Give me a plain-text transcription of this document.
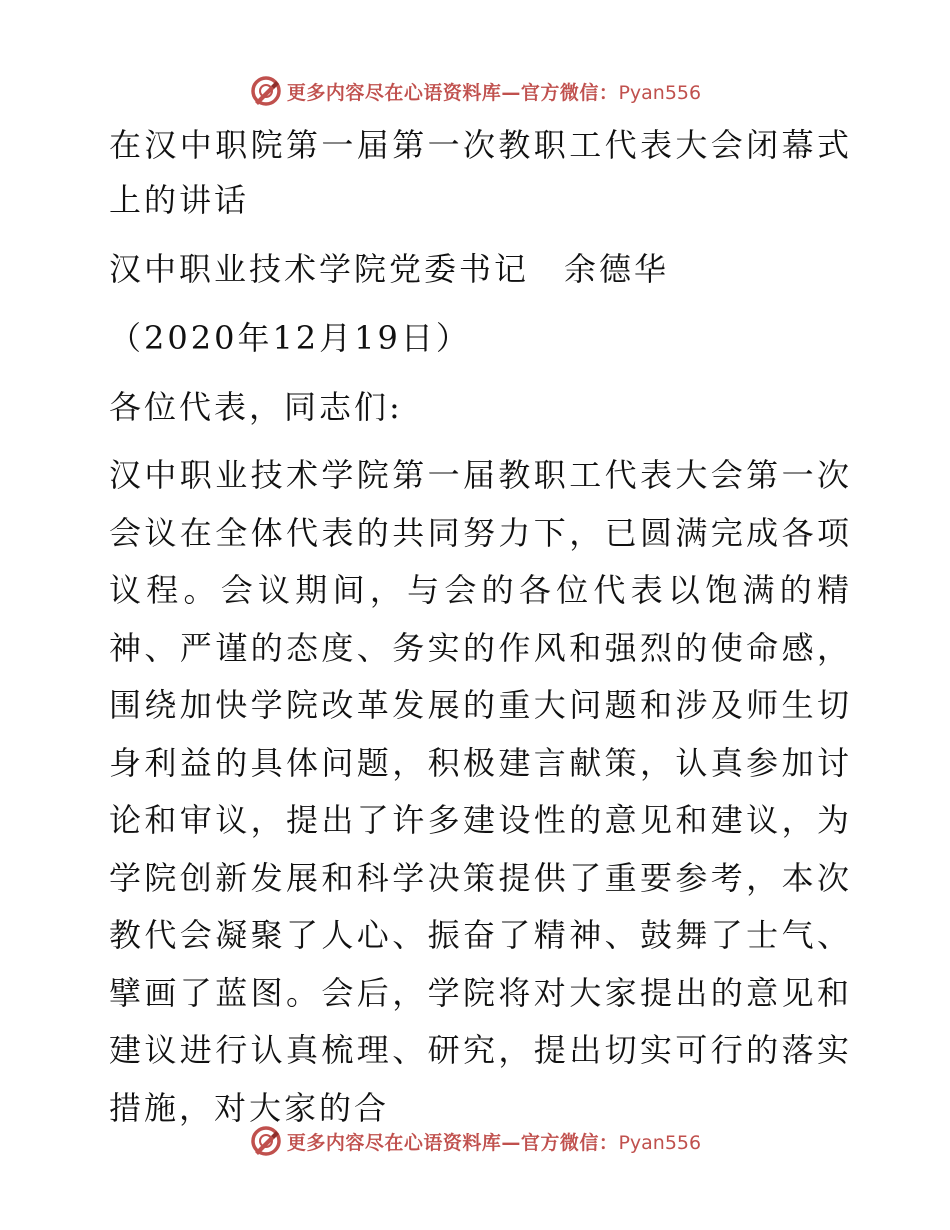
更多内容尽在心语资料库—官方微信：Pyan556

在汉中职院第一届第一次教职工代表大会闭幕式上的讲话

汉中职业技术学院党委书记　余德华

（2020年12月19日）

各位代表，同志们:

汉中职业技术学院第一届教职工代表大会第一次会议在全体代表的共同努力下，已圆满完成各项议程。会议期间，与会的各位代表以饱满的精神、严谨的态度、务实的作风和强烈的使命感，围绕加快学院改革发展的重大问题和涉及师生切身利益的具体问题，积极建言献策，认真参加讨论和审议，提出了许多建设性的意见和建议，为学院创新发展和科学决策提供了重要参考，本次教代会凝聚了人心、振奋了精神、鼓舞了士气、擘画了蓝图。会后，学院将对大家提出的意见和建议进行认真梳理、研究，提出切实可行的落实措施，对大家的合

更多内容尽在心语资料库—官方微信：Pyan556
